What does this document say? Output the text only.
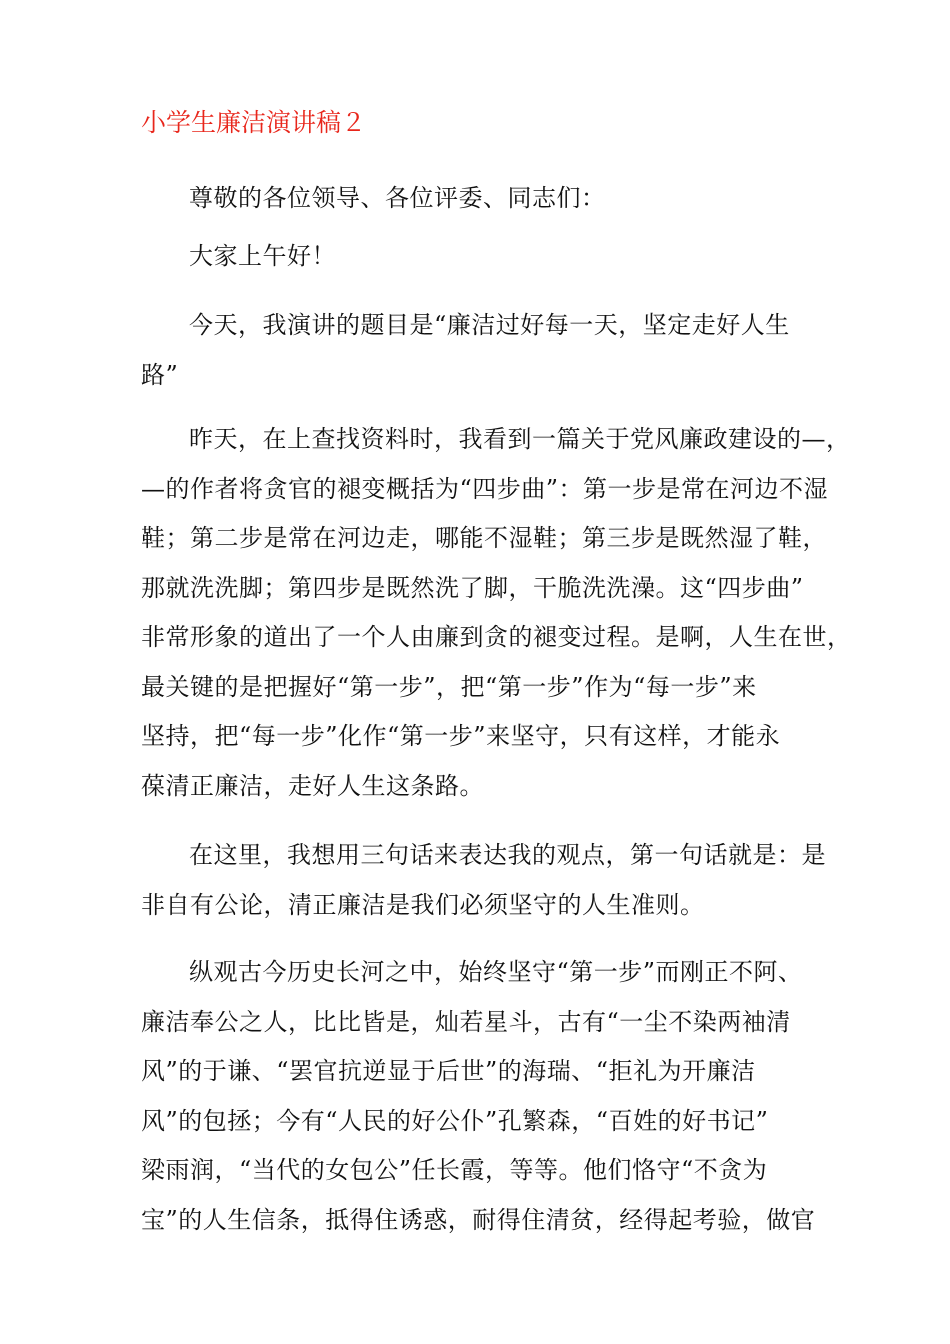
小学生廉洁演讲稿２

尊敬的各位领导、各位评委、同志们：

大家上午好！

今天，我演讲的题目是“廉洁过好每一天，坚定走好人生
路”

昨天，在上查找资料时，我看到一篇关于党风廉政建设的—，
—的作者将贪官的褪变概括为“四步曲”：第一步是常在河边不湿
鞋；第二步是常在河边走，哪能不湿鞋；第三步是既然湿了鞋，
那就洗洗脚；第四步是既然洗了脚，干脆洗洗澡。这“四步曲”
非常形象的道出了一个人由廉到贪的褪变过程。是啊，人生在世，
最关键的是把握好“第一步”，把“第一步”作为“每一步”来
坚持，把“每一步”化作“第一步”来坚守，只有这样，才能永
葆清正廉洁，走好人生这条路。

在这里，我想用三句话来表达我的观点，第一句话就是：是
非自有公论，清正廉洁是我们必须坚守的人生准则。

纵观古今历史长河之中，始终坚守“第一步”而刚正不阿、
廉洁奉公之人，比比皆是，灿若星斗，古有“一尘不染两袖清
风”的于谦、“罢官抗逆显于后世”的海瑞、“拒礼为开廉洁
风”的包拯；今有“人民的好公仆”孔繁森，“百姓的好书记”
梁雨润，“当代的女包公”任长霞，等等。他们恪守“不贪为
宝”的人生信条，抵得住诱惑，耐得住清贫，经得起考验，做官
